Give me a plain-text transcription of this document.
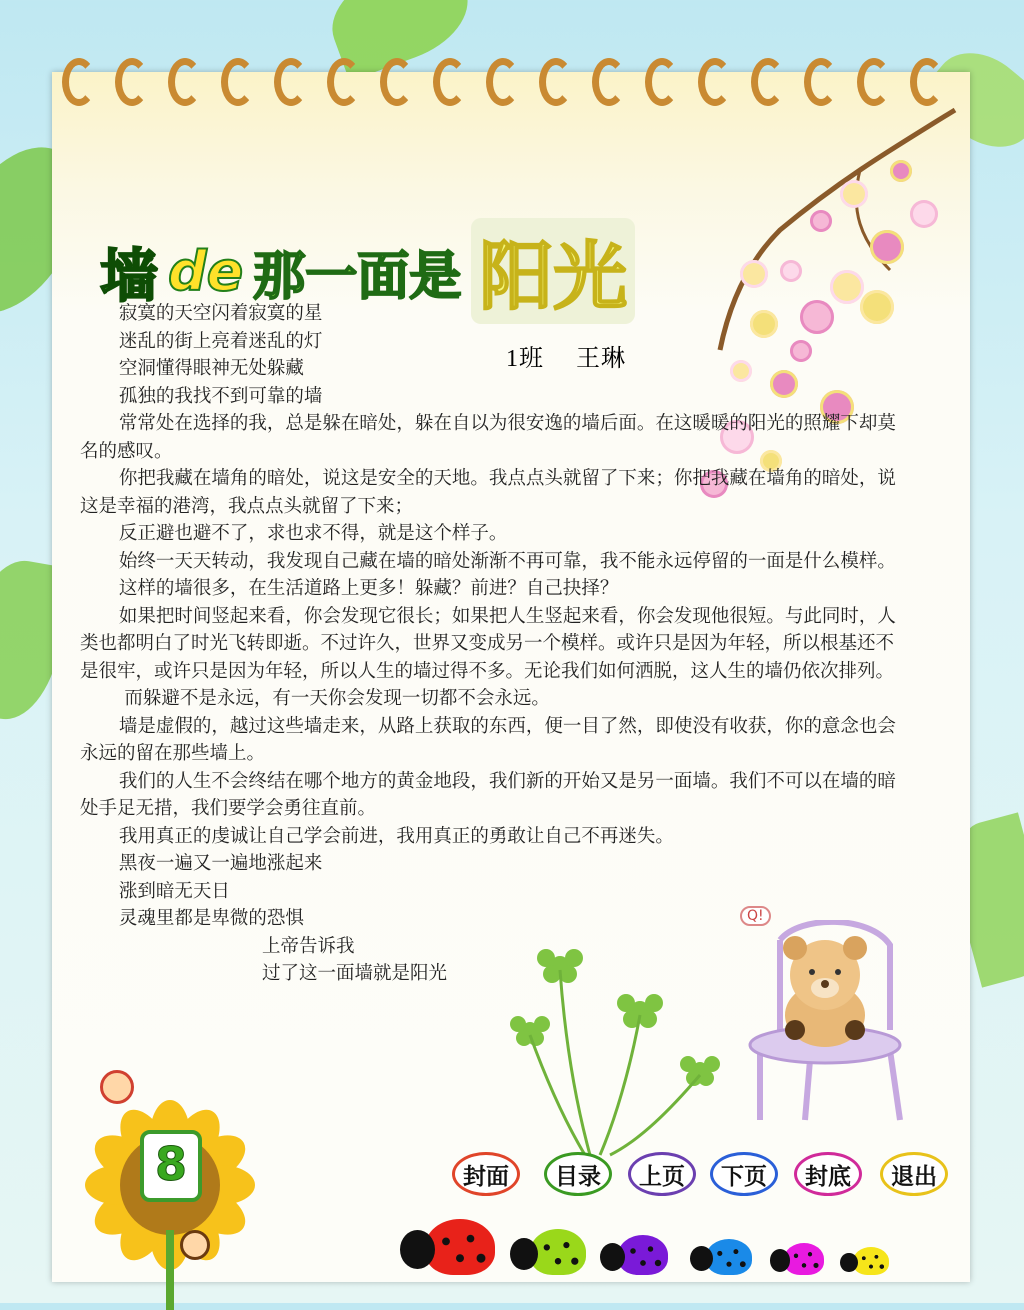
墙 de 那一面是 阳光
1班　 王琳

寂寞的天空闪着寂寞的星

迷乱的街上亮着迷乱的灯

空洞懂得眼神无处躲藏

孤独的我找不到可靠的墙

常常处在选择的我，总是躲在暗处，躲在自以为很安逸的墙后面。在这暖暖的阳光的照耀下却莫名的感叹。

你把我藏在墙角的暗处，说这是安全的天地。我点点头就留了下来；你把我藏在墙角的暗处，说这是幸福的港湾，我点点头就留了下来；

反正避也避不了，求也求不得，就是这个样子。

始终一天天转动，我发现自己藏在墙的暗处渐渐不再可靠，我不能永远停留的一面是什么模样。

这样的墙很多，在生活道路上更多！躲藏？前进？自己抉择？

如果把时间竖起来看，你会发现它很长；如果把人生竖起来看，你会发现他很短。与此同时，人类也都明白了时光飞转即逝。不过许久，世界又变成另一个模样。或许只是因为年轻，所以根基还不是很牢，或许只是因为年轻，所以人生的墙过得不多。无论我们如何洒脱，这人生的墙仍依次排列。

而躲避不是永远，有一天你会发现一切都不会永远。

墙是虚假的，越过这些墙走来，从路上获取的东西，便一目了然，即使没有收获，你的意念也会永远的留在那些墙上。

我们的人生不会终结在哪个地方的黄金地段，我们新的开始又是另一面墙。我们不可以在墙的暗处手足无措，我们要学会勇往直前。

我用真正的虔诚让自己学会前进，我用真正的勇敢让自己不再迷失。

黑夜一遍又一遍地涨起来

涨到暗无天日

灵魂里都是卑微的恐惧

上帝告诉我

过了这一面墙就是阳光

Q!
8	封面	目录	上页	下页	封底	退出
